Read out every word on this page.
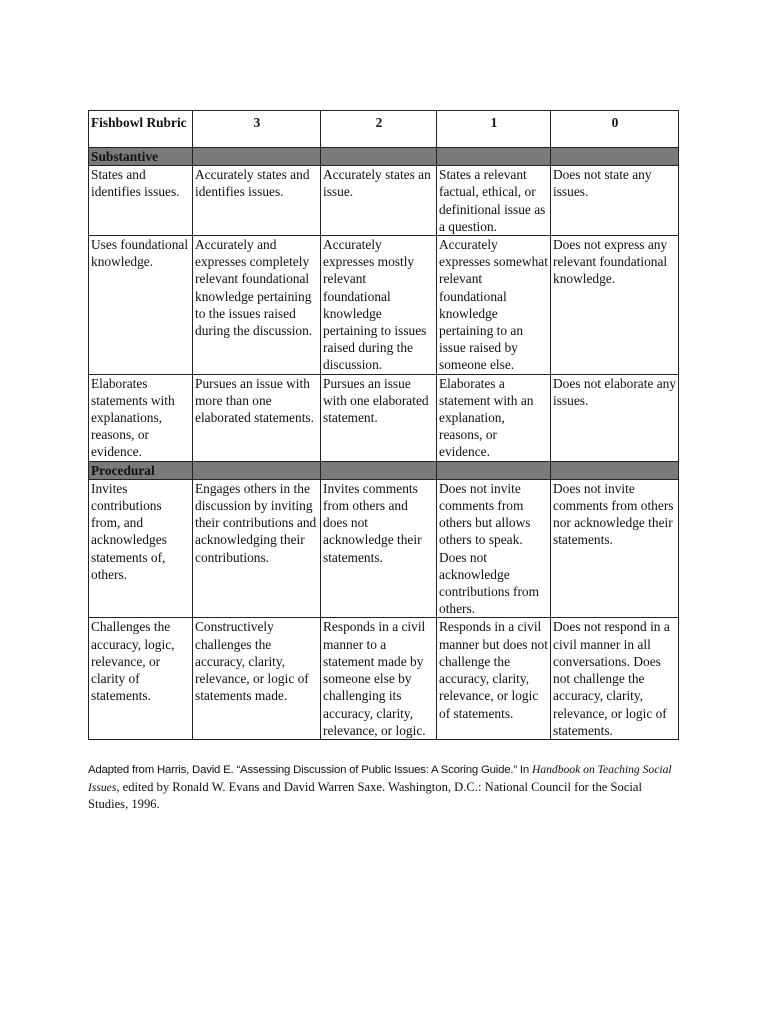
Fishbowl Rubric	3	2	1	0
Substantive				
States and identifies issues.	Accurately states and identifies issues.	Accurately states an issue.	States a relevant factual, ethical, or definitional issue as a question.	Does not state any issues.
Uses foundational knowledge.	Accurately and expresses completely relevant foundational knowledge pertaining to the issues raised during the discussion.	Accurately expresses mostly relevant foundational knowledge pertaining to issues raised during the discussion.	Accurately expresses somewhat relevant foundational knowledge pertaining to an issue raised by someone else.	Does not express any relevant foundational knowledge.
Elaborates statements with explanations, reasons, or evidence.	Pursues an issue with more than one elaborated statements.	Pursues an issue with one elaborated statement.	Elaborates a statement with an explanation, reasons, or evidence.	Does not elaborate any issues.
Procedural				
Invites contributions from, and acknowledges statements of, others.	Engages others in the discussion by inviting their contributions and acknowledging their contributions.	Invites comments from others and does not acknowledge their statements.	Does not invite comments from others but allows others to speak. Does not acknowledge contributions from others.	Does not invite comments from others nor acknowledge their statements.
Challenges the accuracy, logic, relevance, or clarity of statements.	Constructively challenges the accuracy, clarity, relevance, or logic of statements made.	Responds in a civil manner to a statement made by someone else by challenging its accuracy, clarity, relevance, or logic.	Responds in a civil manner but does not challenge the accuracy, clarity, relevance, or logic of statements.	Does not respond in a civil manner in all conversations. Does not challenge the accuracy, clarity, relevance, or logic of statements.

Adapted from Harris, David E. “Assessing Discussion of Public Issues: A Scoring Guide.” In Handbook on Teaching Social Issues, edited by Ronald W. Evans and David Warren Saxe. Washington, D.C.: National Council for the Social Studies, 1996.
